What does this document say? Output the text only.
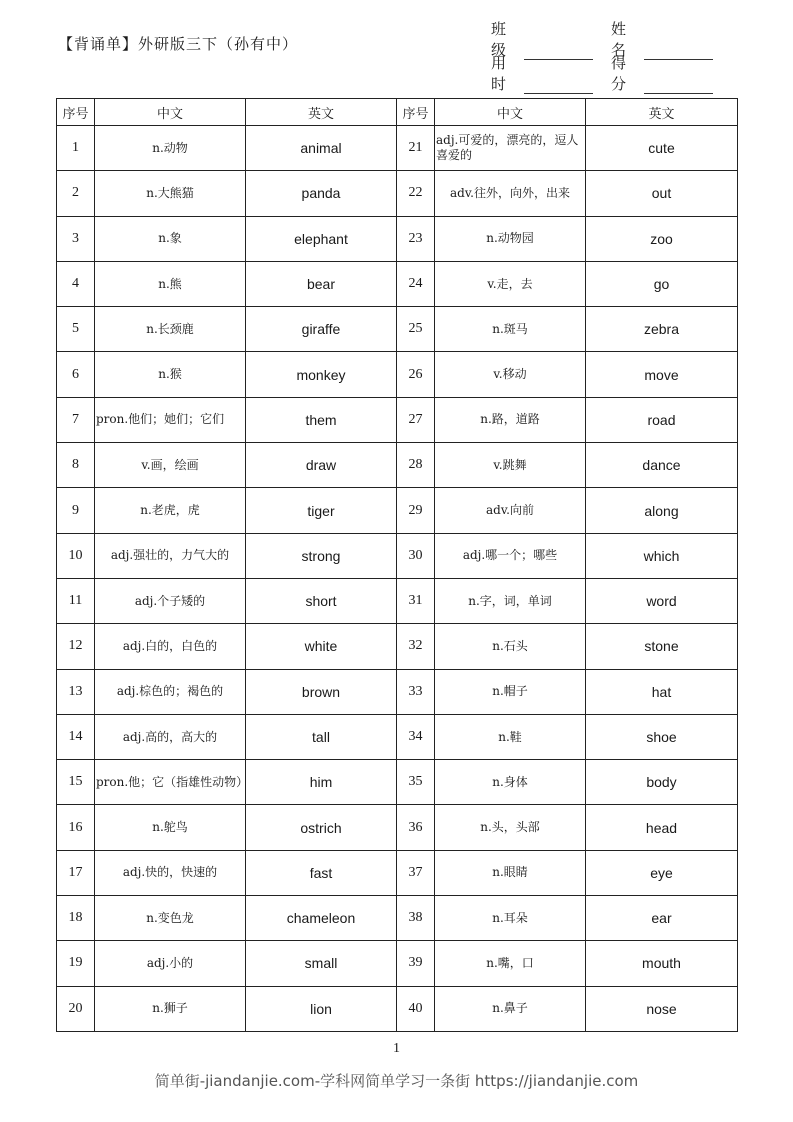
【背诵单】外研版三下（孙有中）
班级
姓名
用时
得分
序号	中文	英文	序号	中文	英文
1	n.动物	animal	21	adj.可爱的，漂亮的，逗人喜爱的	cute
2	n.大熊猫	panda	22	adv.往外，向外，出来	out
3	n.象	elephant	23	n.动物园	zoo
4	n.熊	bear	24	v.走，去	go
5	n.长颈鹿	giraffe	25	n.斑马	zebra
6	n.猴	monkey	26	v.移动	move
7	pron.他们；她们；它们	them	27	n.路，道路	road
8	v.画，绘画	draw	28	v.跳舞	dance
9	n.老虎，虎	tiger	29	adv.向前	along
10	adj.强壮的，力气大的	strong	30	adj.哪一个；哪些	which
11	adj.个子矮的	short	31	n.字，词，单词	word
12	adj.白的，白色的	white	32	n.石头	stone
13	adj.棕色的；褐色的	brown	33	n.帽子	hat
14	adj.高的，高大的	tall	34	n.鞋	shoe
15	pron.他；它（指雄性动物）	him	35	n.身体	body
16	n.鸵鸟	ostrich	36	n.头，头部	head
17	adj.快的，快速的	fast	37	n.眼睛	eye
18	n.变色龙	chameleon	38	n.耳朵	ear
19	adj.小的	small	39	n.嘴，口	mouth
20	n.狮子	lion	40	n.鼻子	nose
1
简单街-jiandanjie.com-学科网简单学习一条街 https://jiandanjie.com
